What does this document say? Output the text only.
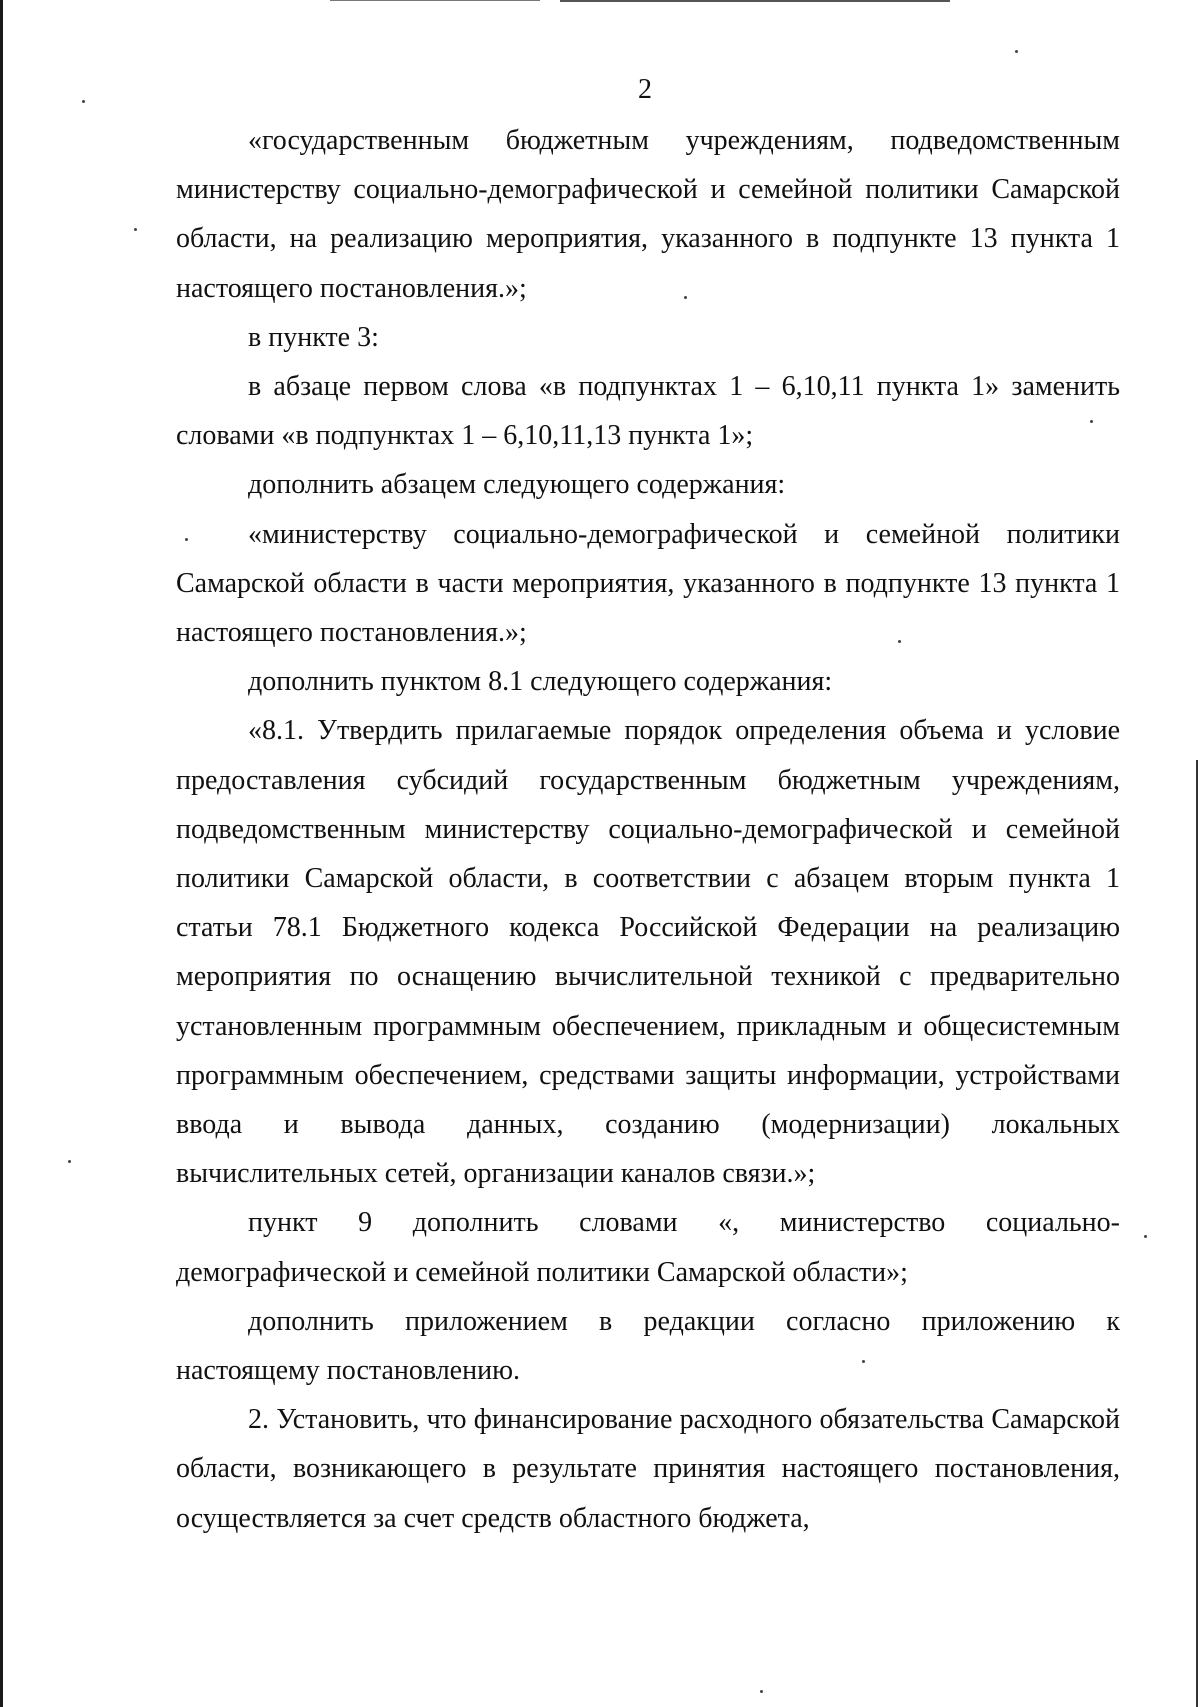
2

«государственным бюджетным учреждениям, подведомственным министерству социально-демографической и семейной политики Самарской области, на реализацию мероприятия, указанного в подпункте 13 пункта 1 настоящего постановления.»;

в пункте 3:

в абзаце первом слова «в подпунктах 1 – 6,10,11 пункта 1» заменить словами «в подпунктах 1 – 6,10,11,13 пункта 1»;

дополнить абзацем следующего содержания:

«министерству социально-демографической и семейной политики Самарской области в части мероприятия, указанного в подпункте 13 пункта 1 настоящего постановления.»;

дополнить пунктом 8.1 следующего содержания:

«8.1. Утвердить прилагаемые порядок определения объема и условие предоставления субсидий государственным бюджетным учреждениям, подведомственным министерству социально-демографической и семейной политики Самарской области, в соответствии с абзацем вторым пункта 1 статьи 78.1 Бюджетного кодекса Российской Федерации на реализацию мероприятия по оснащению вычислительной техникой с предварительно установленным программным обеспечением, прикладным и общесистемным программным обеспечением, средствами защиты информации, устройствами ввода и вывода данных, созданию (модернизации) локальных вычислительных сетей, организации каналов связи.»;

пункт 9 дополнить словами «, министерство социально-демографической и семейной политики Самарской области»;

дополнить приложением в редакции согласно приложению к настоящему постановлению.

2. Установить, что финансирование расходного обязательства Самарской области, возникающего в результате принятия настоящего постановления, осуществляется за счет средств областного бюджета,
